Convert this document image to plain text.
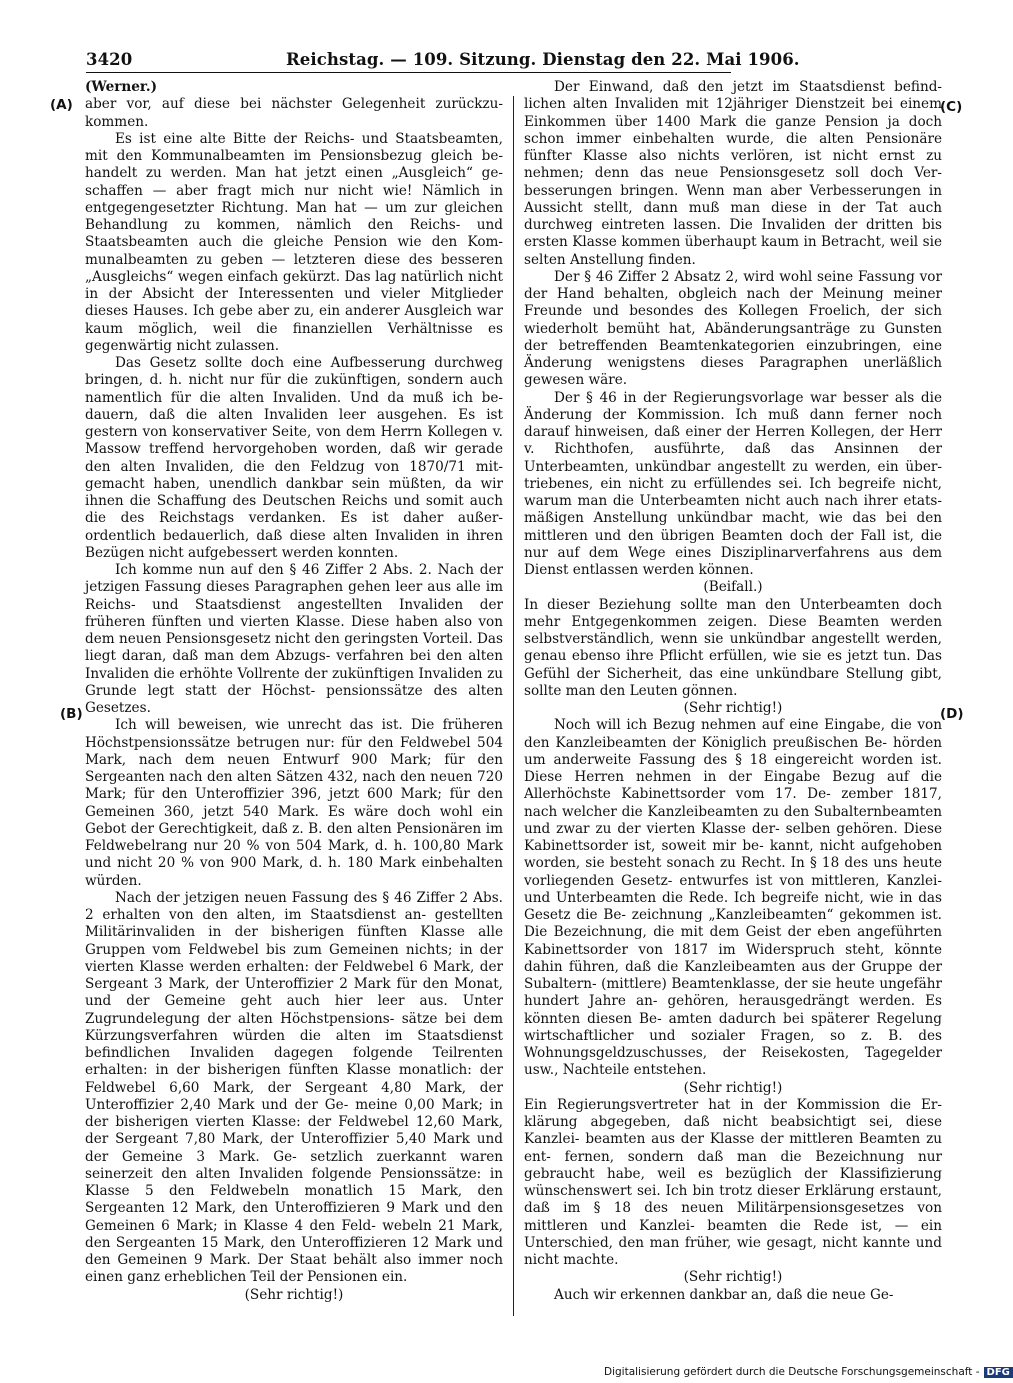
3420	Reichstag. — 109. Sitzung. Dienstag den 22. Mai 1906.
(A)
(B)
(C)
(D)

(Werner.)

aber vor, auf diese bei nächster Gelegenheit zurückzu- kommen.

Es ist eine alte Bitte der Reichs- und Staatsbeamten, mit den Kommunalbeamten im Pensionsbezug gleich be- handelt zu werden. Man hat jetzt einen „Ausgleich“ ge- schaffen — aber fragt mich nur nicht wie! Nämlich in entgegengesetzter Richtung. Man hat — um zur gleichen Behandlung zu kommen, nämlich den Reichs- und Staatsbeamten auch die gleiche Pension wie den Kom- munalbeamten zu geben — letzteren diese des besseren „Ausgleichs“ wegen einfach gekürzt. Das lag natürlich nicht in der Absicht der Interessenten und vieler Mitglieder dieses Hauses. Ich gebe aber zu, ein anderer Ausgleich war kaum möglich, weil die finanziellen Verhältnisse es gegenwärtig nicht zulassen.

Das Gesetz sollte doch eine Aufbesserung durchweg bringen, d. h. nicht nur für die zukünftigen, sondern auch namentlich für die alten Invaliden. Und da muß ich be- dauern, daß die alten Invaliden leer ausgehen. Es ist gestern von konservativer Seite, von dem Herrn Kollegen v. Massow treffend hervorgehoben worden, daß wir gerade den alten Invaliden, die den Feldzug von 1870/71 mit- gemacht haben, unendlich dankbar sein müßten, da wir ihnen die Schaffung des Deutschen Reichs und somit auch die des Reichstags verdanken. Es ist daher außer- ordentlich bedauerlich, daß diese alten Invaliden in ihren Bezügen nicht aufgebessert werden konnten.

Ich komme nun auf den § 46 Ziffer 2 Abs. 2. Nach der jetzigen Fassung dieses Paragraphen gehen leer aus alle im Reichs- und Staatsdienst angestellten Invaliden der früheren fünften und vierten Klasse. Diese haben also von dem neuen Pensionsgesetz nicht den geringsten Vorteil. Das liegt daran, daß man dem Abzugs- verfahren bei den alten Invaliden die erhöhte Vollrente der zukünftigen Invaliden zu Grunde legt statt der Höchst- pensionssätze des alten Gesetzes.

Ich will beweisen, wie unrecht das ist. Die früheren Höchstpensionssätze betrugen nur: für den Feldwebel 504 Mark, nach dem neuen Entwurf 900 Mark; für den Sergeanten nach den alten Sätzen 432, nach den neuen 720 Mark; für den Unteroffizier 396, jetzt 600 Mark; für den Gemeinen 360, jetzt 540 Mark. Es wäre doch wohl ein Gebot der Gerechtigkeit, daß z. B. den alten Pensionären im Feldwebelrang nur 20 % von 504 Mark, d. h. 100,80 Mark und nicht 20 % von 900 Mark, d. h. 180 Mark einbehalten würden.

Nach der jetzigen neuen Fassung des § 46 Ziffer 2 Abs. 2 erhalten von den alten, im Staatsdienst an- gestellten Militärinvaliden in der bisherigen fünften Klasse alle Gruppen vom Feldwebel bis zum Gemeinen nichts; in der vierten Klasse werden erhalten: der Feldwebel 6 Mark, der Sergeant 3 Mark, der Unteroffizier 2 Mark für den Monat, und der Gemeine geht auch hier leer aus. Unter Zugrundelegung der alten Höchstpensions- sätze bei dem Kürzungsverfahren würden die alten im Staatsdienst befindlichen Invaliden dagegen folgende Teilrenten erhalten: in der bisherigen fünften Klasse monatlich: der Feldwebel 6,60 Mark, der Sergeant 4,80 Mark, der Unteroffizier 2,40 Mark und der Ge- meine 0,00 Mark; in der bisherigen vierten Klasse: der Feldwebel 12,60 Mark, der Sergeant 7,80 Mark, der Unteroffizier 5,40 Mark und der Gemeine 3 Mark. Ge- setzlich zuerkannt waren seinerzeit den alten Invaliden folgende Pensionssätze: in Klasse 5 den Feldwebeln monatlich 15 Mark, den Sergeanten 12 Mark, den Unteroffizieren 9 Mark und den Gemeinen 6 Mark; in Klasse 4 den Feld- webeln 21 Mark, den Sergeanten 15 Mark, den Unteroffizieren 12 Mark und den Gemeinen 9 Mark. Der Staat behält also immer noch einen ganz erheblichen Teil der Pensionen ein.

(Sehr richtig!)

Der Einwand, daß den jetzt im Staatsdienst befind- lichen alten Invaliden mit 12jähriger Dienstzeit bei einem Einkommen über 1400 Mark die ganze Pension ja doch schon immer einbehalten wurde, die alten Pensionäre fünfter Klasse also nichts verlören, ist nicht ernst zu nehmen; denn das neue Pensionsgesetz soll doch Ver- besserungen bringen. Wenn man aber Verbesserungen in Aussicht stellt, dann muß man diese in der Tat auch durchweg eintreten lassen. Die Invaliden der dritten bis ersten Klasse kommen überhaupt kaum in Betracht, weil sie selten Anstellung finden.

Der § 46 Ziffer 2 Absatz 2, wird wohl seine Fassung vor der Hand behalten, obgleich nach der Meinung meiner Freunde und besondes des Kollegen Froelich, der sich wiederholt bemüht hat, Abänderungsanträge zu Gunsten der betreffenden Beamtenkategorien einzubringen, eine Änderung wenigstens dieses Paragraphen unerläßlich gewesen wäre.

Der § 46 in der Regierungsvorlage war besser als die Änderung der Kommission. Ich muß dann ferner noch darauf hinweisen, daß einer der Herren Kollegen, der Herr v. Richthofen, ausführte, daß das Ansinnen der Unterbeamten, unkündbar angestellt zu werden, ein über- triebenes, ein nicht zu erfüllendes sei. Ich begreife nicht, warum man die Unterbeamten nicht auch nach ihrer etats- mäßigen Anstellung unkündbar macht, wie das bei den mittleren und den übrigen Beamten doch der Fall ist, die nur auf dem Wege eines Disziplinarverfahrens aus dem Dienst entlassen werden können.

(Beifall.)

In dieser Beziehung sollte man den Unterbeamten doch mehr Entgegenkommen zeigen. Diese Beamten werden selbstverständlich, wenn sie unkündbar angestellt werden, genau ebenso ihre Pflicht erfüllen, wie sie es jetzt tun. Das Gefühl der Sicherheit, das eine unkündbare Stellung gibt, sollte man den Leuten gönnen.

(Sehr richtig!)

Noch will ich Bezug nehmen auf eine Eingabe, die von den Kanzleibeamten der Königlich preußischen Be- hörden um anderweite Fassung des § 18 eingereicht worden ist. Diese Herren nehmen in der Eingabe Bezug auf die Allerhöchste Kabinettsorder vom 17. De- zember 1817, nach welcher die Kanzleibeamten zu den Subalternbeamten und zwar zu der vierten Klasse der- selben gehören. Diese Kabinettsorder ist, soweit mir be- kannt, nicht aufgehoben worden, sie besteht sonach zu Recht. In § 18 des uns heute vorliegenden Gesetz- entwurfes ist von mittleren, Kanzlei- und Unterbeamten die Rede. Ich begreife nicht, wie in das Gesetz die Be- zeichnung „Kanzleibeamten“ gekommen ist. Die Bezeichnung, die mit dem Geist der eben angeführten Kabinettsorder von 1817 im Widerspruch steht, könnte dahin führen, daß die Kanzleibeamten aus der Gruppe der Subaltern- (mittlere) Beamtenklasse, der sie heute ungefähr hundert Jahre an- gehören, herausgedrängt werden. Es könnten diesen Be- amten dadurch bei späterer Regelung wirtschaftlicher und sozialer Fragen, so z. B. des Wohnungsgeldzuschusses, der Reisekosten, Tagegelder usw., Nachteile entstehen.

(Sehr richtig!)

Ein Regierungsvertreter hat in der Kommission die Er- klärung abgegeben, daß nicht beabsichtigt sei, diese Kanzlei- beamten aus der Klasse der mittleren Beamten zu ent- fernen, sondern daß man die Bezeichnung nur gebraucht habe, weil es bezüglich der Klassifizierung wünschenswert sei. Ich bin trotz dieser Erklärung erstaunt, daß im § 18 des neuen Militärpensionsgesetzes von mittleren und Kanzlei- beamten die Rede ist, — ein Unterschied, den man früher, wie gesagt, nicht kannte und nicht machte.

(Sehr richtig!)

Auch wir erkennen dankbar an, daß die neue Ge-

Digitalisierung gefördert durch die Deutsche Forschungsgemeinschaft - DFG
